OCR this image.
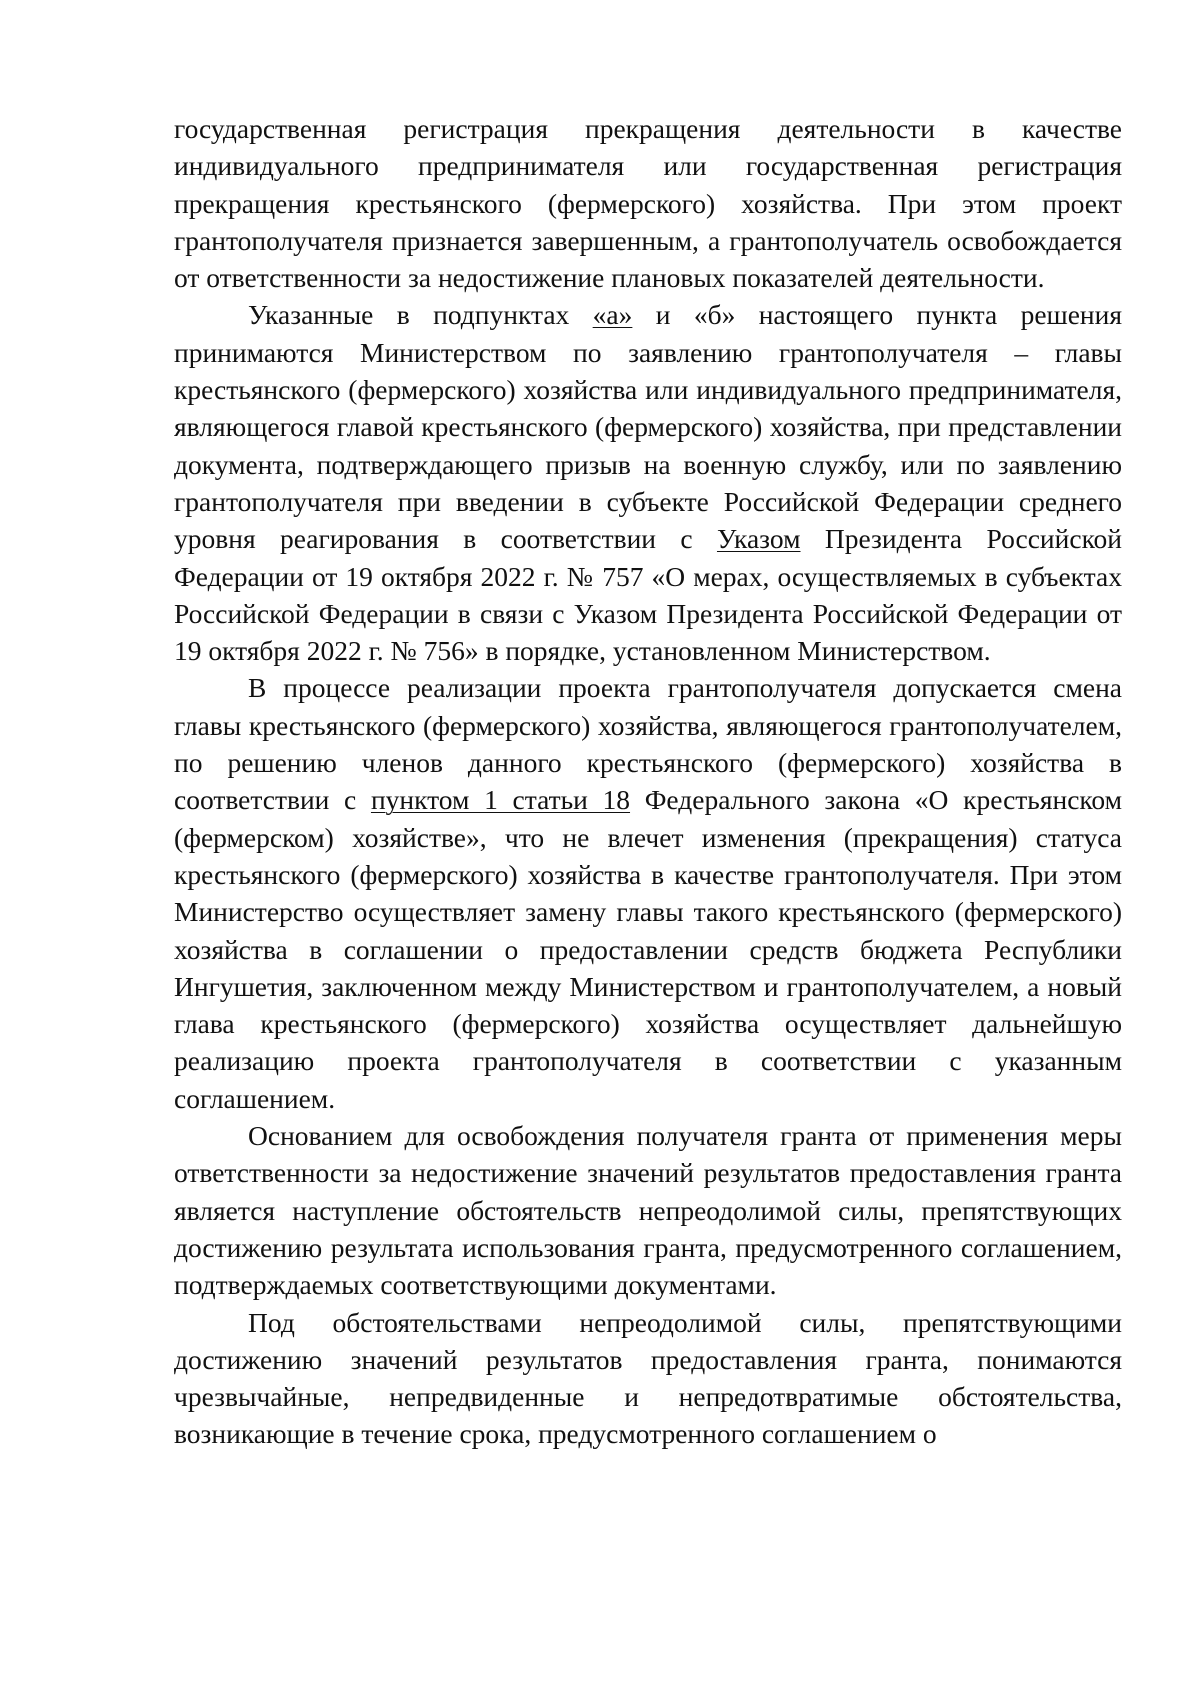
государственная регистрация прекращения деятельности в качестве индивидуального предпринимателя или государственная регистрация прекращения крестьянского (фермерского) хозяйства. При этом проект грантополучателя признается завершенным, а грантополучатель освобождается от ответственности за недостижение плановых показателей деятельности.

Указанные в подпунктах «а» и «б» настоящего пункта решения принимаются Министерством по заявлению грантополучателя – главы крестьянского (фермерского) хозяйства или индивидуального предпринимателя, являющегося главой крестьянского (фермерского) хозяйства, при представлении документа, подтверждающего призыв на военную службу, или по заявлению грантополучателя при введении в субъекте Российской Федерации среднего уровня реагирования в соответствии с Указом Президента Российской Федерации от 19 октября 2022 г. № 757 «О мерах, осуществляемых в субъектах Российской Федерации в связи с Указом Президента Российской Федерации от 19 октября 2022 г. № 756» в порядке, установленном Министерством.

В процессе реализации проекта грантополучателя допускается смена главы крестьянского (фермерского) хозяйства, являющегося грантополучателем, по решению членов данного крестьянского (фермерского) хозяйства в соответствии с пунктом 1 статьи 18 Федерального закона «О крестьянском (фермерском) хозяйстве», что не влечет изменения (прекращения) статуса крестьянского (фермерского) хозяйства в качестве грантополучателя. При этом Министерство осуществляет замену главы такого крестьянского (фермерского) хозяйства в соглашении о предоставлении средств бюджета Республики Ингушетия, заключенном между Министерством и грантополучателем, а новый глава крестьянского (фермерского) хозяйства осуществляет дальнейшую реализацию проекта грантополучателя в соответствии с указанным соглашением.

Основанием для освобождения получателя гранта от применения меры ответственности за недостижение значений результатов предоставления гранта является наступление обстоятельств непреодолимой силы, препятствующих достижению результата использования гранта, предусмотренного соглашением, подтверждаемых соответствующими документами.

Под обстоятельствами непреодолимой силы, препятствующими достижению значений результатов предоставления гранта, понимаются чрезвычайные, непредвиденные и непредотвратимые обстоятельства, возникающие в течение срока, предусмотренного соглашением о
